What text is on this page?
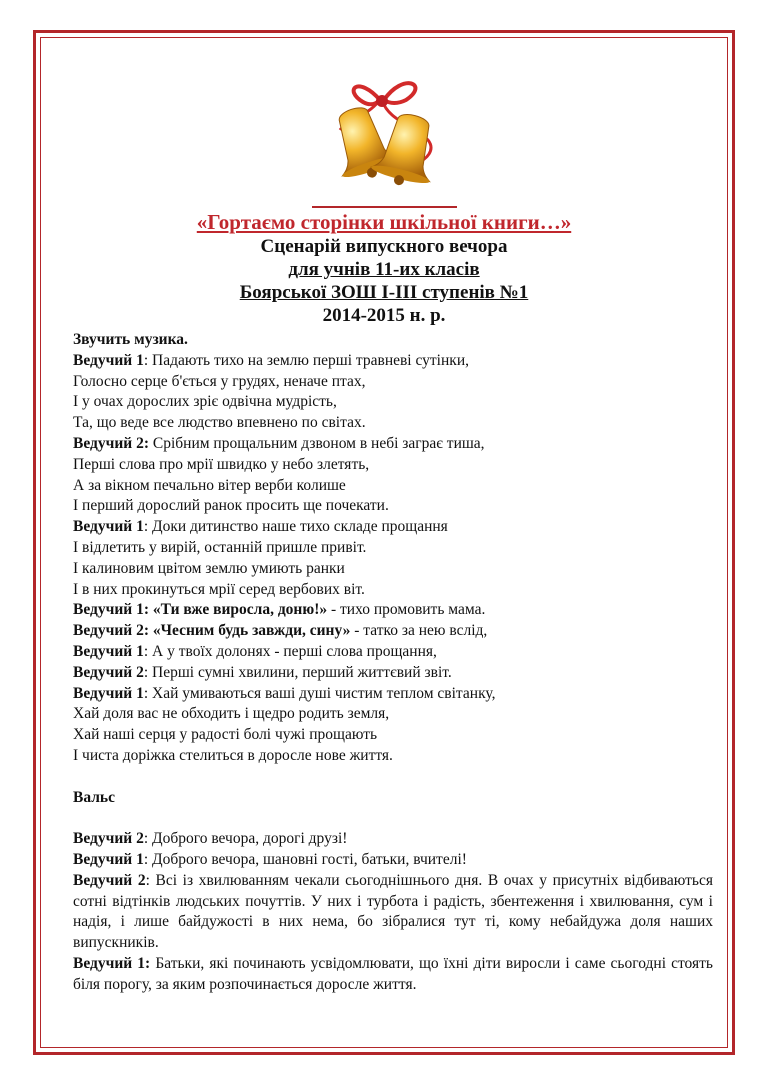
«Гортаємо сторінки шкільної книги…»
Сценарій випускного вечора
для учнів 11-их класів
Боярської ЗОШ І-ІІІ ступенів №1
2014-2015 н. р.
Звучить музика.
Ведучий 1: Падають тихо на землю перші травневі сутінки,
Голосно серце б'ється у грудях, неначе птах,
І у очах дорослих зріє одвічна мудрість,
Та, що веде все людство впевнено по світах.
Ведучий 2: Срібним прощальним дзвоном в небі заграє тиша,
Перші слова про мрії швидко у небо злетять,
А за вікном печально вітер верби колише
І перший дорослий ранок просить ще почекати.
Ведучий 1: Доки дитинство наше тихо складе прощання
І відлетить у вирій, останній пришле привіт.
І калиновим цвітом землю умиють ранки
І в них прокинуться мрії серед вербових віт.
Ведучий 1: «Ти вже виросла, доню!» - тихо промовить мама.
Ведучий 2: «Чесним будь завжди, сину» - татко за нею вслід,
Ведучий 1: А у твоїх долонях - перші слова прощання,
Ведучий 2: Перші сумні хвилини, перший життєвий звіт.
Ведучий 1: Хай умиваються ваші душі чистим теплом світанку,
Хай доля вас не обходить і щедро родить земля,
Хай наші серця у радості болі чужі прощають
І чиста доріжка стелиться в доросле нове життя.
Вальс
Ведучий 2: Доброго вечора, дорогі друзі!
Ведучий 1: Доброго вечора, шановні гості, батьки, вчителі!
Ведучий 2: Всі із хвилюванням чекали сьогоднішнього дня. В очах у присутніх відбиваються сотні відтінків людських почуттів. У них і турбота і радість, збентеження і хвилювання, сум і надія, і лише байдужості в них нема, бо зібралися тут ті, кому небайдужа доля наших випускників.
Ведучий 1: Батьки, які починають усвідомлювати, що їхні діти виросли і саме сьогодні стоять біля порогу, за яким розпочинається доросле життя.
